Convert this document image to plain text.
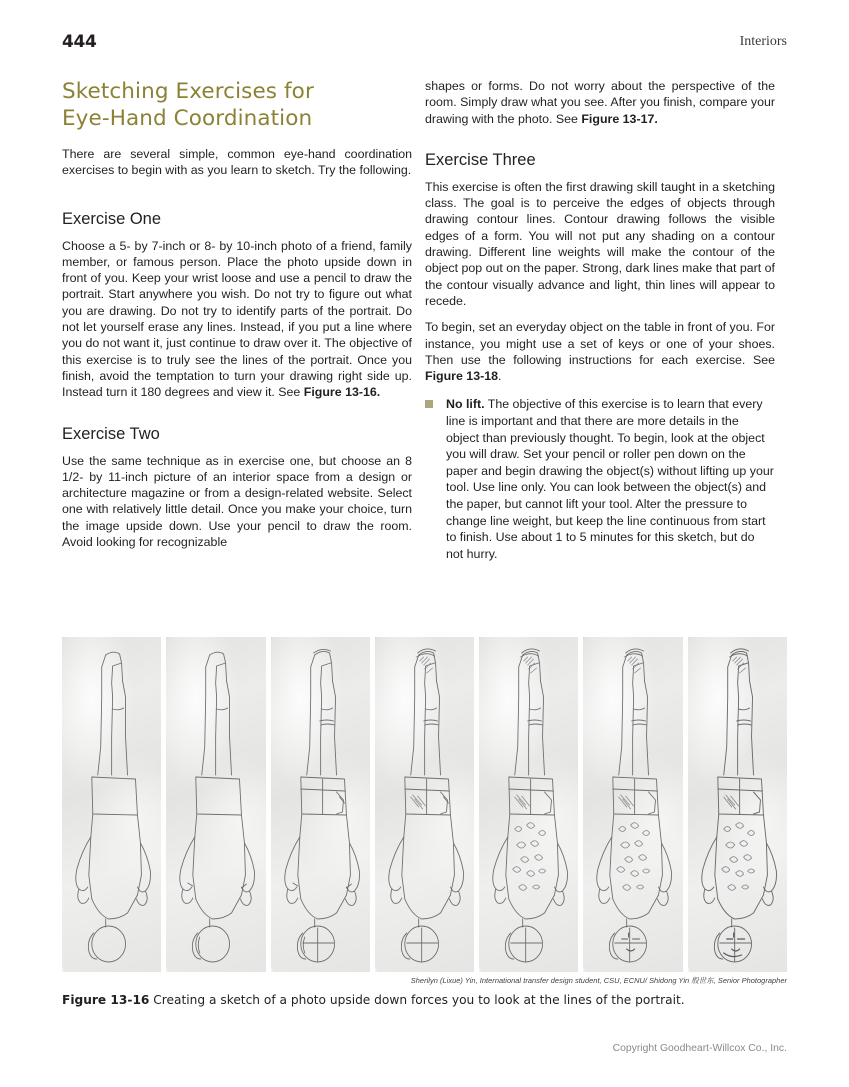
444	Interiors
Sketching Exercises for
Eye-Hand Coordination

There are several simple, common eye-hand coordination exercises to begin with as you learn to sketch. Try the following.

Exercise One

Choose a 5- by 7-inch or 8- by 10-inch photo of a friend, family member, or famous person. Place the photo upside down in front of you. Keep your wrist loose and use a pencil to draw the portrait. Start anywhere you wish. Do not try to figure out what you are drawing. Do not try to identify parts of the portrait. Do not let yourself erase any lines. Instead, if you put a line where you do not want it, just continue to draw over it. The objective of this exercise is to truly see the lines of the portrait. Once you finish, avoid the temptation to turn your drawing right side up. Instead turn it 180 degrees and view it. See Figure 13-16.

Exercise Two

Use the same technique as in exercise one, but choose an 8 1/2- by 11-inch picture of an interior space from a design or architecture magazine or from a design-related website. Select one with relatively little detail. Once you make your choice, turn the image upside down. Use your pencil to draw the room. Avoid looking for recognizable

shapes or forms. Do not worry about the perspective of the room. Simply draw what you see. After you finish, compare your drawing with the photo. See Figure 13-17.

Exercise Three

This exercise is often the first drawing skill taught in a sketching class. The goal is to perceive the edges of objects through drawing contour lines. Contour drawing follows the visible edges of a form. You will not put any shading on a contour drawing. Different line weights will make the contour of the object pop out on the paper. Strong, dark lines make that part of the contour visually advance and light, thin lines will appear to recede.

To begin, set an everyday object on the table in front of you. For instance, you might use a set of keys or one of your shoes. Then use the following instructions for each exercise. See Figure 13-18.

No lift. The objective of this exercise is to learn that every line is important and that there are more details in the object than previously thought. To begin, look at the object you will draw. Set your pencil or roller pen down on the paper and begin drawing the object(s) without lifting up your tool. Use line only. You can look between the object(s) and the paper, but cannot lift your tool. Alter the pressure to change line weight, but keep the line continuous from start to finish. Use about 1 to 5 minutes for this sketch, but do not hurry.
Sherilyn (Lixue) Yin, International transfer design student, CSU, ECNU/ Shidong Yin 殷世东, Senior Photographer
Figure 13-16 Creating a sketch of a photo upside down forces you to look at the lines of the portrait.
Copyright Goodheart-Willcox Co., Inc.
